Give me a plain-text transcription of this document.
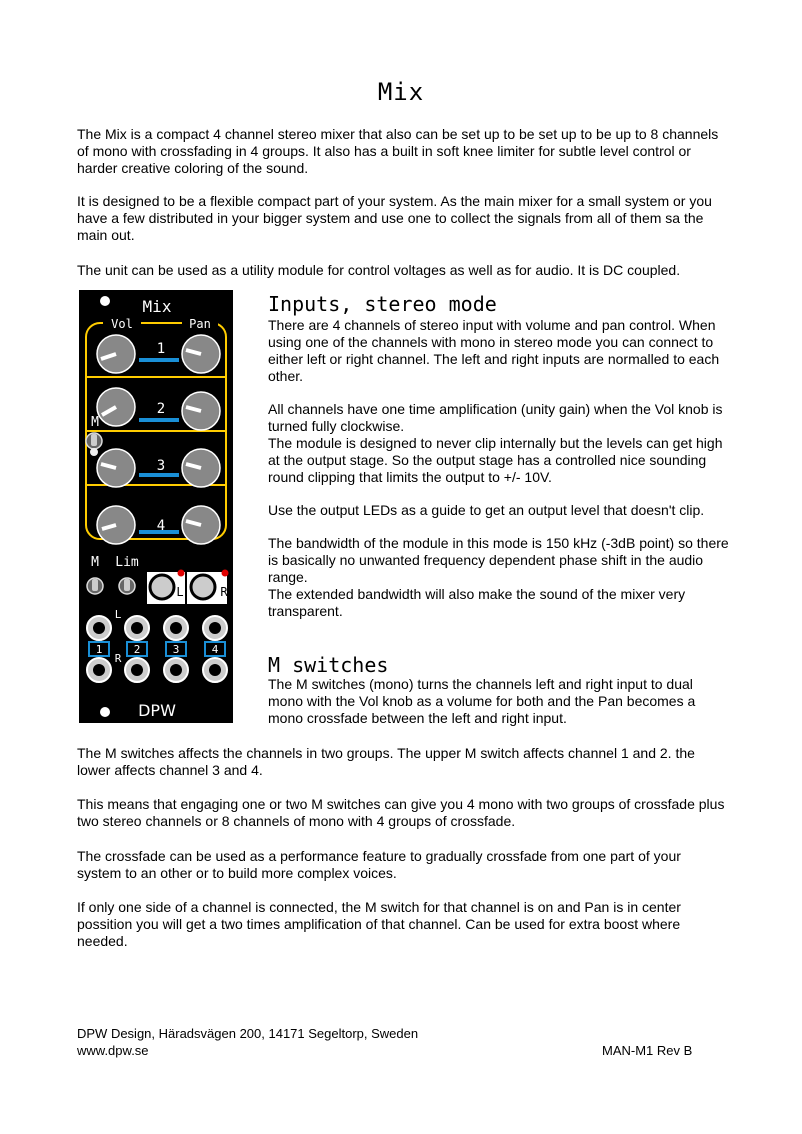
Mix

The Mix is a compact 4 channel stereo mixer that also can be set up to be set up to be up to 8 channels of mono with crossfading in 4 groups. It also has a built in soft knee limiter for subtle level control or harder creative coloring of the sound.

It is designed to be a flexible compact part of your system. As the main mixer for a small system or you have a few distributed in your bigger system and use one to collect the signals from all of them sa the main out.

The unit can be used as a utility module for control voltages as well as for audio. It is DC coupled.

Mix
Vol	Pan
1
2
M
3
4
M Lim
L	R
L
1	2	3	4
R
DPW
Inputs, stereo mode

There are 4 channels of stereo input with volume and pan control. When using one of the channels with mono in stereo mode you can connect to either left or right channel. The left and right inputs are normalled to each other.

All channels have one time amplification (unity gain) when the Vol knob is turned fully clockwise.

The module is designed to never clip internally but the levels can get high at the output stage. So the output stage has a controlled nice sounding round clipping that limits the output to +/- 10V.

Use the output LEDs as a guide to get an output level that doesn't clip.

The bandwidth of the module in this mode is 150 kHz (-3dB point) so there is basically no unwanted frequency dependent phase shift in the audio range.

The extended bandwidth will also make the sound of the mixer very transparent.

M switches
The M switches (mono) turns the channels left and right input to dual mono with the Vol knob as a volume for both and the Pan becomes a mono crossfade between the left and right input.

The M switches affects the channels in two groups. The upper M switch affects channel 1 and 2. the lower affects channel 3 and 4.

This means that engaging one or two M switches can give you 4 mono with two groups of crossfade plus two stereo channels or 8 channels of mono with 4 groups of crossfade.

The crossfade can be used as a performance feature to gradually crossfade from one part of your system to an other or to build more complex voices.

If only one side of a channel is connected, the M switch for that channel is on and Pan is in center possition you will get a two times amplification of that channel. Can be used for extra boost where needed.

DPW Design, Häradsvägen 200, 14171 Segeltorp, Sweden
www.dpw.se	MAN-M1 Rev B
